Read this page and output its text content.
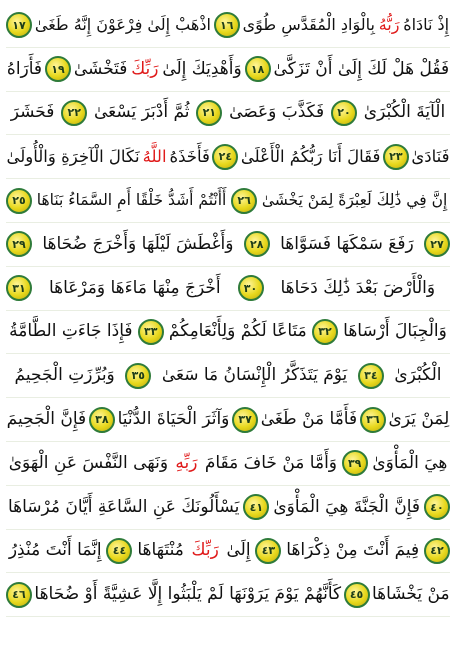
إِذْ نَادَاهُ
رَبُّهُ
بِالْوَادِ الْمُقَدَّسِ طُوًى
١٦
اذْهَبْ إِلَىٰ فِرْعَوْنَ إِنَّهُ طَغَىٰ
١٧
فَقُلْ هَلْ لَكَ إِلَىٰ أَنْ تَزَكَّىٰ
١٨
وَأَهْدِيَكَ إِلَىٰ
رَبِّكَ
فَتَخْشَىٰ
١٩
فَأَرَاهُ
الْآيَةَ الْكُبْرَىٰ
٢٠
فَكَذَّبَ وَعَصَىٰ
٢١
ثُمَّ أَدْبَرَ يَسْعَىٰ
٢٢
فَحَشَرَ
فَنَادَىٰ
٢٣
فَقَالَ أَنَا رَبُّكُمُ الْأَعْلَىٰ
٢٤
فَأَخَذَهُ
اللَّهُ
نَكَالَ الْآخِرَةِ وَالْأُولَىٰ
إِنَّ فِي ذَٰلِكَ لَعِبْرَةً لِمَنْ يَخْشَىٰ
٢٦
أَأَنْتُمْ أَشَدُّ خَلْقًا أَمِ السَّمَاءُ بَنَاهَا
٢٥
٢٧
رَفَعَ سَمْكَهَا فَسَوَّاهَا
٢٨
وَأَغْطَشَ لَيْلَهَا وَأَخْرَجَ ضُحَاهَا
٢٩
وَالْأَرْضَ بَعْدَ ذَٰلِكَ دَحَاهَا
٣٠
أَخْرَجَ مِنْهَا مَاءَهَا وَمَرْعَاهَا
٣١
وَالْجِبَالَ أَرْسَاهَا
٣٢
مَتَاعًا لَكُمْ وَلِأَنْعَامِكُمْ
٣٣
فَإِذَا جَاءَتِ الطَّامَّةُ
الْكُبْرَىٰ
٣٤
يَوْمَ يَتَذَكَّرُ الْإِنْسَانُ مَا سَعَىٰ
٣٥
وَبُرِّزَتِ الْجَحِيمُ
لِمَنْ يَرَىٰ
٣٦
فَأَمَّا مَنْ طَغَىٰ
٣٧
وَآثَرَ الْحَيَاةَ الدُّنْيَا
٣٨
فَإِنَّ الْجَحِيمَ
هِيَ الْمَأْوَىٰ
٣٩
وَأَمَّا مَنْ خَافَ مَقَامَ
رَبِّهِ
وَنَهَى النَّفْسَ عَنِ الْهَوَىٰ
٤٠
فَإِنَّ الْجَنَّةَ هِيَ الْمَأْوَىٰ
٤١
يَسْأَلُونَكَ عَنِ السَّاعَةِ أَيَّانَ مُرْسَاهَا
٤٢
فِيمَ أَنْتَ مِنْ ذِكْرَاهَا
٤٣
إِلَىٰ
رَبِّكَ
مُنْتَهَاهَا
٤٤
إِنَّمَا أَنْتَ مُنْذِرُ
مَنْ يَخْشَاهَا
٤٥
كَأَنَّهُمْ يَوْمَ يَرَوْنَهَا لَمْ يَلْبَثُوا إِلَّا عَشِيَّةً أَوْ ضُحَاهَا
٤٦
